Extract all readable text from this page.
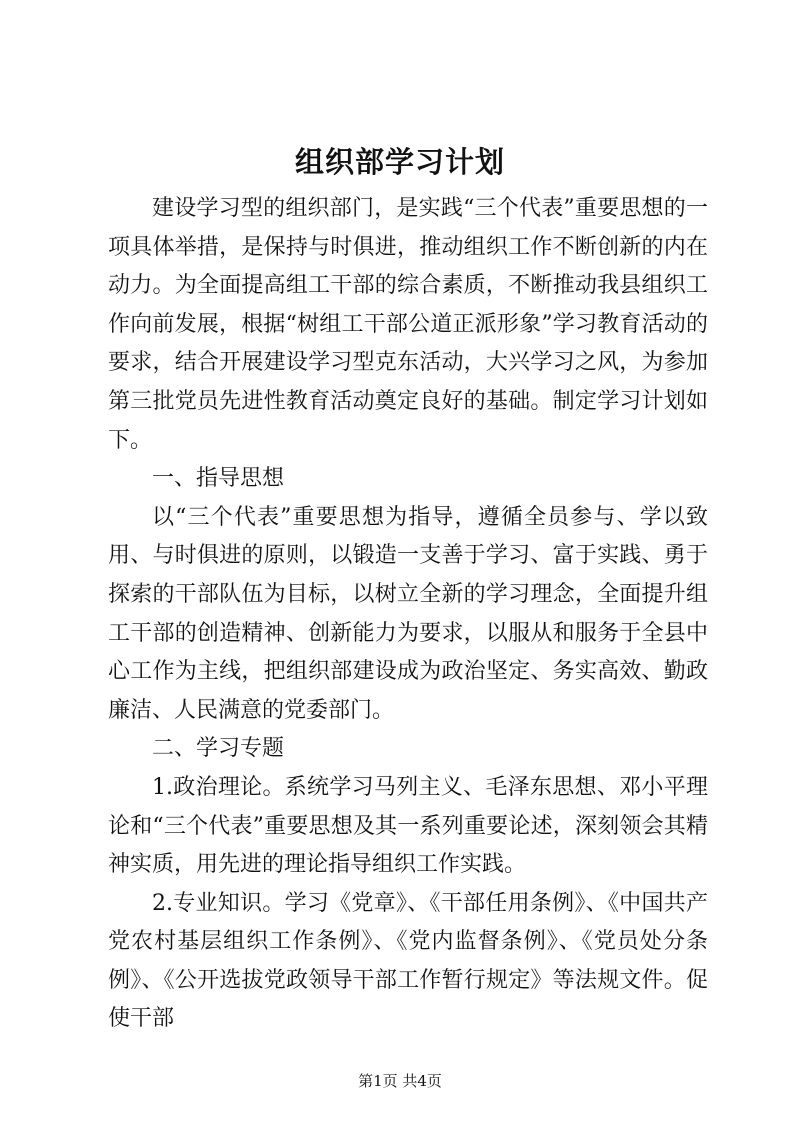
组织部学习计划

建设学习型的组织部门，是实践“三个代表”重要思想的一项具体举措，是保持与时俱进，推动组织工作不断创新的内在动力。为全面提高组工干部的综合素质，不断推动我县组织工作向前发展，根据“树组工干部公道正派形象”学习教育活动的要求，结合开展建设学习型克东活动，大兴学习之风，为参加第三批党员先进性教育活动奠定良好的基础。制定学习计划如下。

一、指导思想

以“三个代表”重要思想为指导，遵循全员参与、学以致用、与时俱进的原则，以锻造一支善于学习、富于实践、勇于探索的干部队伍为目标，以树立全新的学习理念，全面提升组工干部的创造精神、创新能力为要求，以服从和服务于全县中心工作为主线，把组织部建设成为政治坚定、务实高效、勤政廉洁、人民满意的党委部门。

二、学习专题

1.政治理论。系统学习马列主义、毛泽东思想、邓小平理论和“三个代表”重要思想及其一系列重要论述，深刻领会其精神实质，用先进的理论指导组织工作实践。

2.专业知识。学习《党章》、《干部任用条例》、《中国共产党农村基层组织工作条例》、《党内监督条例》、《党员处分条例》、《公开选拔党政领导干部工作暂行规定》等法规文件。促使干部

第1页 共4页
